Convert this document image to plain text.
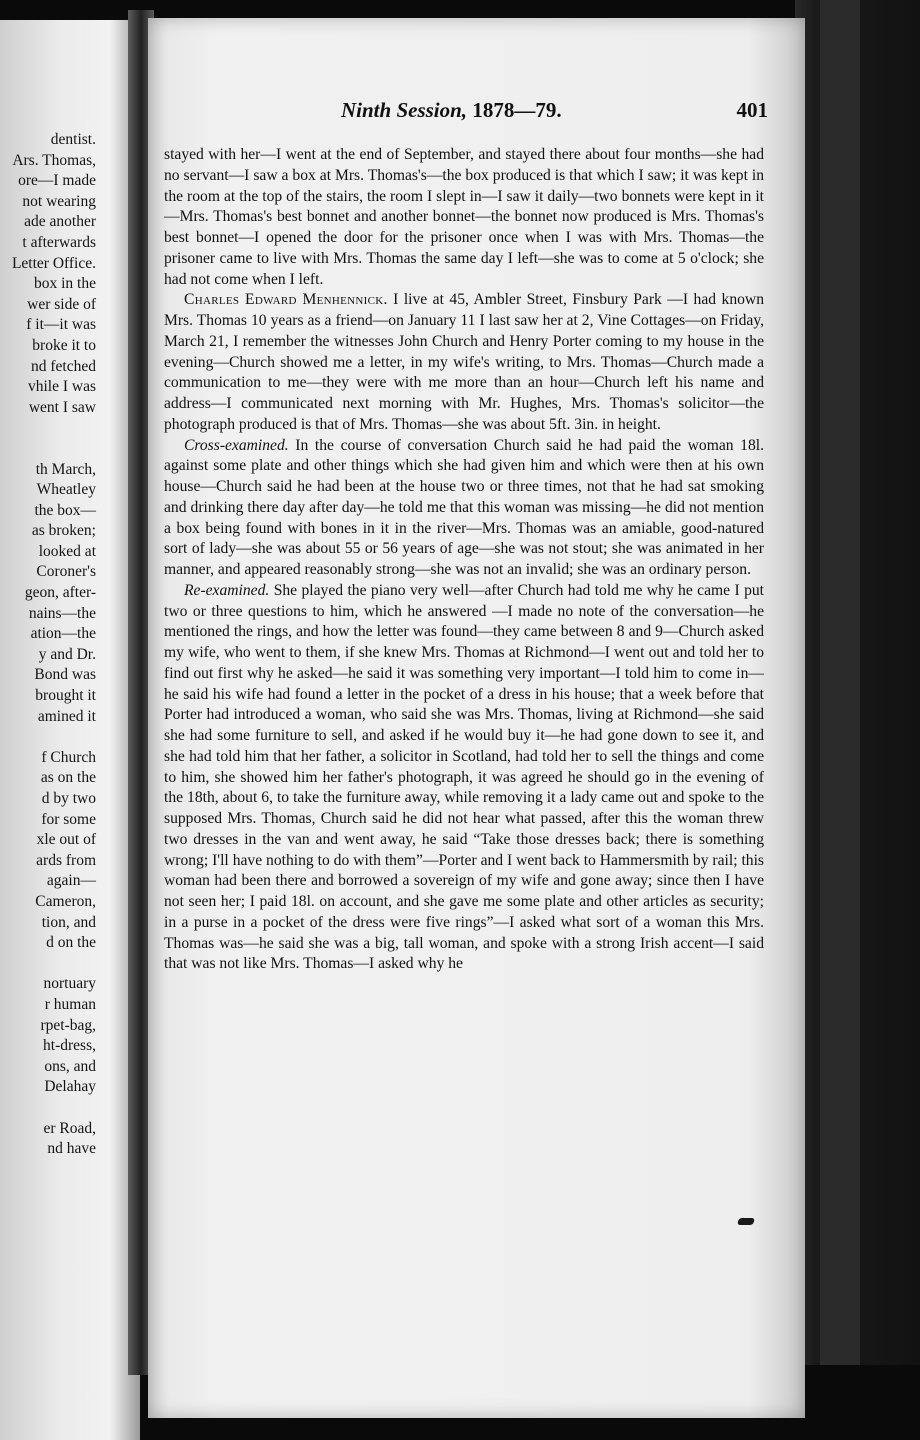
dentist.
Ars. Thomas,
ore—I made
not wearing
ade another
t afterwards
Letter Office.
box in the
wer side of
f it—it was
broke it to
nd fetched
vhile I was
went I saw

th March,
Wheatley
the box—
as broken;
looked at
Coroner's
geon, after-
nains—the
ation—the
y and Dr.
Bond was
brought it
amined it

f Church
as on the
d by two
for some
xle out of
ards from
again—
Cameron,
tion, and
d on the

nortuary
r human
rpet-bag,
ht-dress,
ons, and
Delahay

er Road,
nd have
Ninth Session, 1878—79.	401

stayed with her—I went at the end of September, and stayed there about four months—she had no servant—I saw a box at Mrs. Thomas's—the box produced is that which I saw; it was kept in the room at the top of the stairs, the room I slept in—I saw it daily—two bonnets were kept in it—Mrs. Thomas's best bonnet and another bonnet—the bonnet now produced is Mrs. Thomas's best bonnet—I opened the door for the prisoner once when I was with Mrs. Thomas—the prisoner came to live with Mrs. Thomas the same day I left—she was to come at 5 o'clock; she had not come when I left.

Charles Edward Menhennick. I live at 45, Ambler Street, Finsbury Park —I had known Mrs. Thomas 10 years as a friend—on January 11 I last saw her at 2, Vine Cottages—on Friday, March 21, I remember the witnesses John Church and Henry Porter coming to my house in the evening—Church showed me a letter, in my wife's writing, to Mrs. Thomas—Church made a communication to me—they were with me more than an hour—Church left his name and address—I communicated next morning with Mr. Hughes, Mrs. Thomas's solicitor—the photograph produced is that of Mrs. Thomas—she was about 5ft. 3in. in height.

Cross-examined. In the course of conversation Church said he had paid the woman 18l. against some plate and other things which she had given him and which were then at his own house—Church said he had been at the house two or three times, not that he had sat smoking and drinking there day after day—he told me that this woman was missing—he did not mention a box being found with bones in it in the river—Mrs. Thomas was an amiable, good-natured sort of lady—she was about 55 or 56 years of age—she was not stout; she was animated in her manner, and appeared reasonably strong—she was not an invalid; she was an ordinary person.

Re-examined. She played the piano very well—after Church had told me why he came I put two or three questions to him, which he answered —I made no note of the conversation—he mentioned the rings, and how the letter was found—they came between 8 and 9—Church asked my wife, who went to them, if she knew Mrs. Thomas at Richmond—I went out and told her to find out first why he asked—he said it was something very important—I told him to come in—he said his wife had found a letter in the pocket of a dress in his house; that a week before that Porter had introduced a woman, who said she was Mrs. Thomas, living at Richmond—she said she had some furniture to sell, and asked if he would buy it—he had gone down to see it, and she had told him that her father, a solicitor in Scotland, had told her to sell the things and come to him, she showed him her father's photograph, it was agreed he should go in the evening of the 18th, about 6, to take the furniture away, while removing it a lady came out and spoke to the supposed Mrs. Thomas, Church said he did not hear what passed, after this the woman threw two dresses in the van and went away, he said “Take those dresses back; there is something wrong; I'll have nothing to do with them”—Porter and I went back to Hammersmith by rail; this woman had been there and borrowed a sovereign of my wife and gone away; since then I have not seen her; I paid 18l. on account, and she gave me some plate and other articles as security; in a purse in a pocket of the dress were five rings”—I asked what sort of a woman this Mrs. Thomas was—he said she was a big, tall woman, and spoke with a strong Irish accent—I said that was not like Mrs. Thomas—I asked why he
